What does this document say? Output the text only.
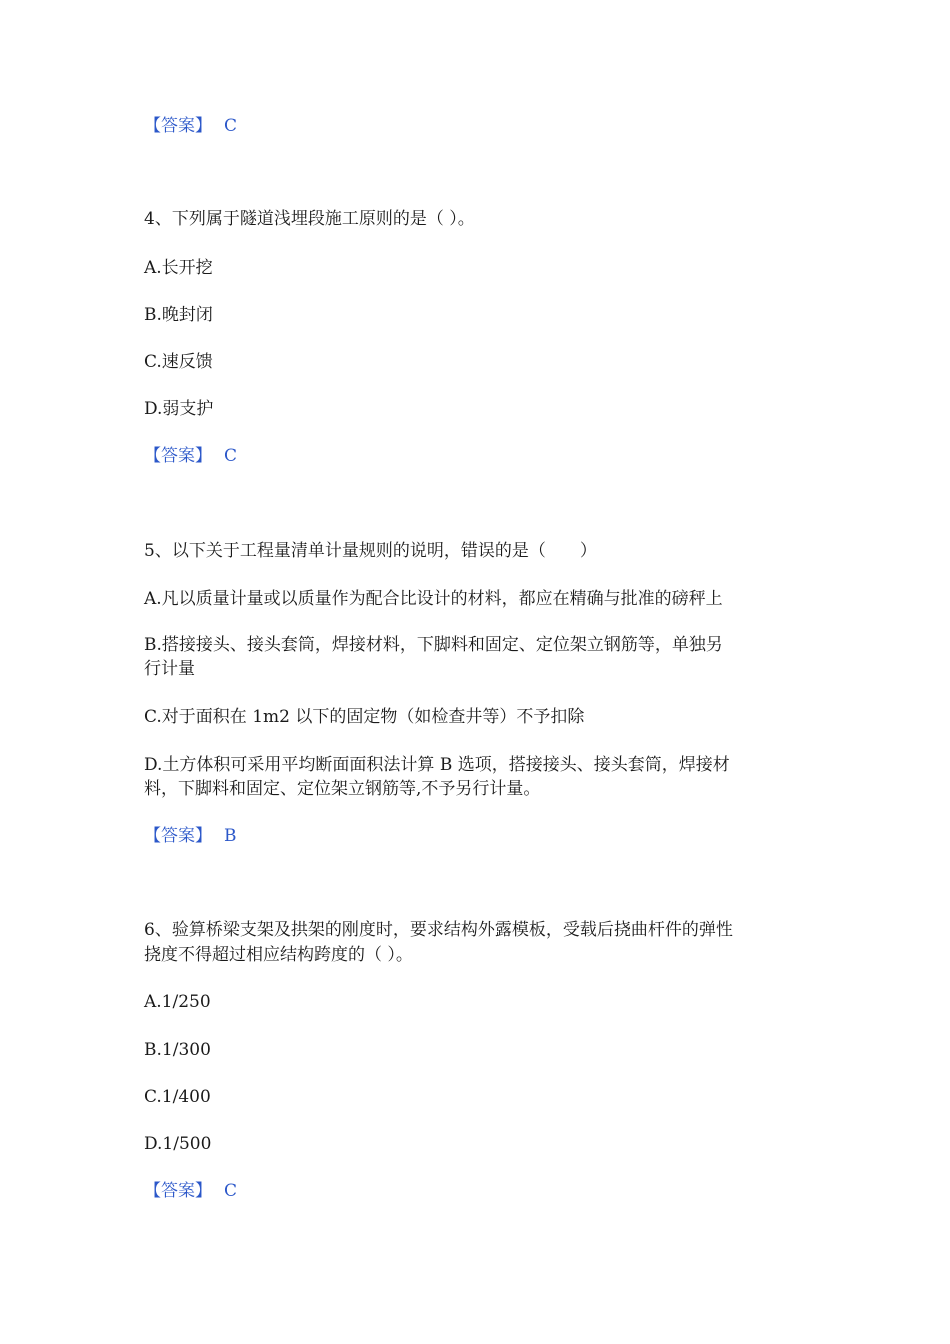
【答案】 C
4、下列属于隧道浅埋段施工原则的是（ ）。
A.长开挖
B.晚封闭
C.速反馈
D.弱支护
【答案】 C
5、以下关于工程量清单计量规则的说明，错误的是（　　）
A.凡以质量计量或以质量作为配合比设计的材料，都应在精确与批准的磅秤上
B.搭接接头、接头套筒，焊接材料，下脚料和固定、定位架立钢筋等，单独另
行计量
C.对于面积在 1m2 以下的固定物（如检查井等）不予扣除
D.土方体积可采用平均断面面积法计算 B 选项，搭接接头、接头套筒，焊接材
料，下脚料和固定、定位架立钢筋等,不予另行计量。
【答案】 B
6、验算桥梁支架及拱架的刚度时，要求结构外露模板，受载后挠曲杆件的弹性
挠度不得超过相应结构跨度的（ ）。
A.1/250
B.1/300
C.1/400
D.1/500
【答案】 C
